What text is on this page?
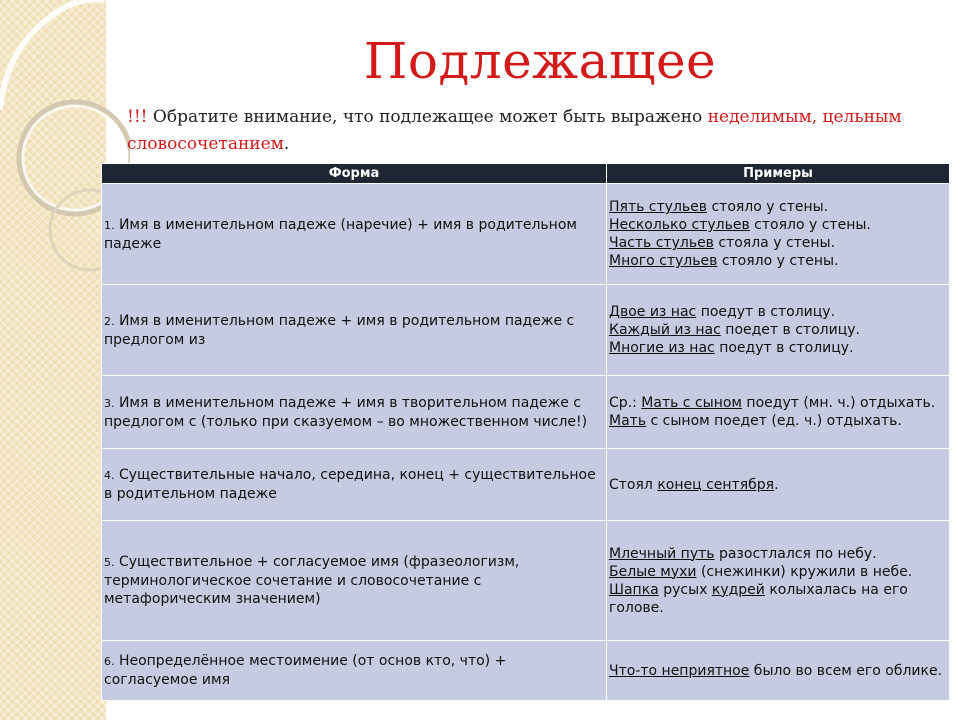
Подлежащее
!!! Обратите внимание, что подлежащее может быть выражено неделимым, цельным словосочетанием.
Форма	Примеры
1. Имя в именительном падеже (наречие) + имя в родительном падеже	Пять стульев стояло у стены.
Несколько стульев стояло у стены.
Часть стульев стояла у стены.
Много стульев стояло у стены.

2. Имя в именительном падеже + имя в родительном падеже с предлогом из	Двое из нас поедут в столицу.
Каждый из нас поедет в столицу.
Многие из нас поедут в столицу.

3. Имя в именительном падеже + имя в творительном падеже с предлогом с (только при сказуемом – во множественном числе!)	Ср.: Мать с сыном поедут (мн. ч.) отдыхать.
Мать с сыном поедет (ед. ч.) отдыхать.

4. Существительные начало, середина, конец + существительное в родительном падеже	Стоял конец сентября.

5. Существительное + согласуемое имя (фразеологизм, терминологическое сочетание и словосочетание с метафорическим значением)	Млечный путь разостлался по небу.
Белые мухи (снежинки) кружили в небе.
Шапка русых кудрей колыхалась на его голове.

6. Неопределённое местоимение (от основ кто, что) + согласуемое имя	Что-то неприятное было во всем его облике.
